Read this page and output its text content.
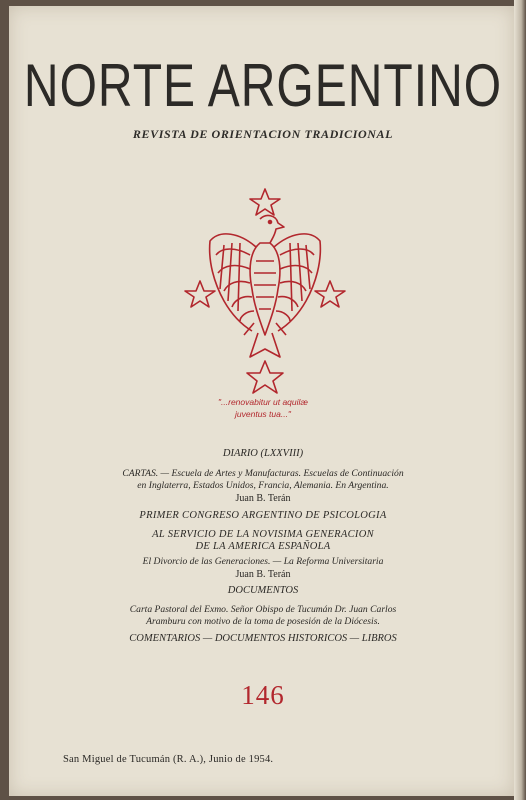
NORTE ARGENTINO
REVISTA DE ORIENTACION TRADICIONAL
"...renovabitur ut aquilæ
juventus tua..."
DIARIO (LXXVIII)
CARTAS. — Escuela de Artes y Manufacturas. Escuelas de Continuación
en Inglaterra, Estados Unidos, Francia, Alemania. En Argentina.
Juan B. Terán
PRIMER CONGRESO ARGENTINO DE PSICOLOGIA
AL SERVICIO DE LA NOVISIMA GENERACION
DE LA AMERICA ESPAÑOLA
El Divorcio de las Generaciones. — La Reforma Universitaria
Juan B. Terán
DOCUMENTOS
Carta Pastoral del Exmo. Señor Obispo de Tucumán Dr. Juan Carlos
Aramburu con motivo de la toma de posesión de la Diócesis.
COMENTARIOS — DOCUMENTOS HISTORICOS — LIBROS
146
San Miguel de Tucumán (R. A.), Junio de 1954.
